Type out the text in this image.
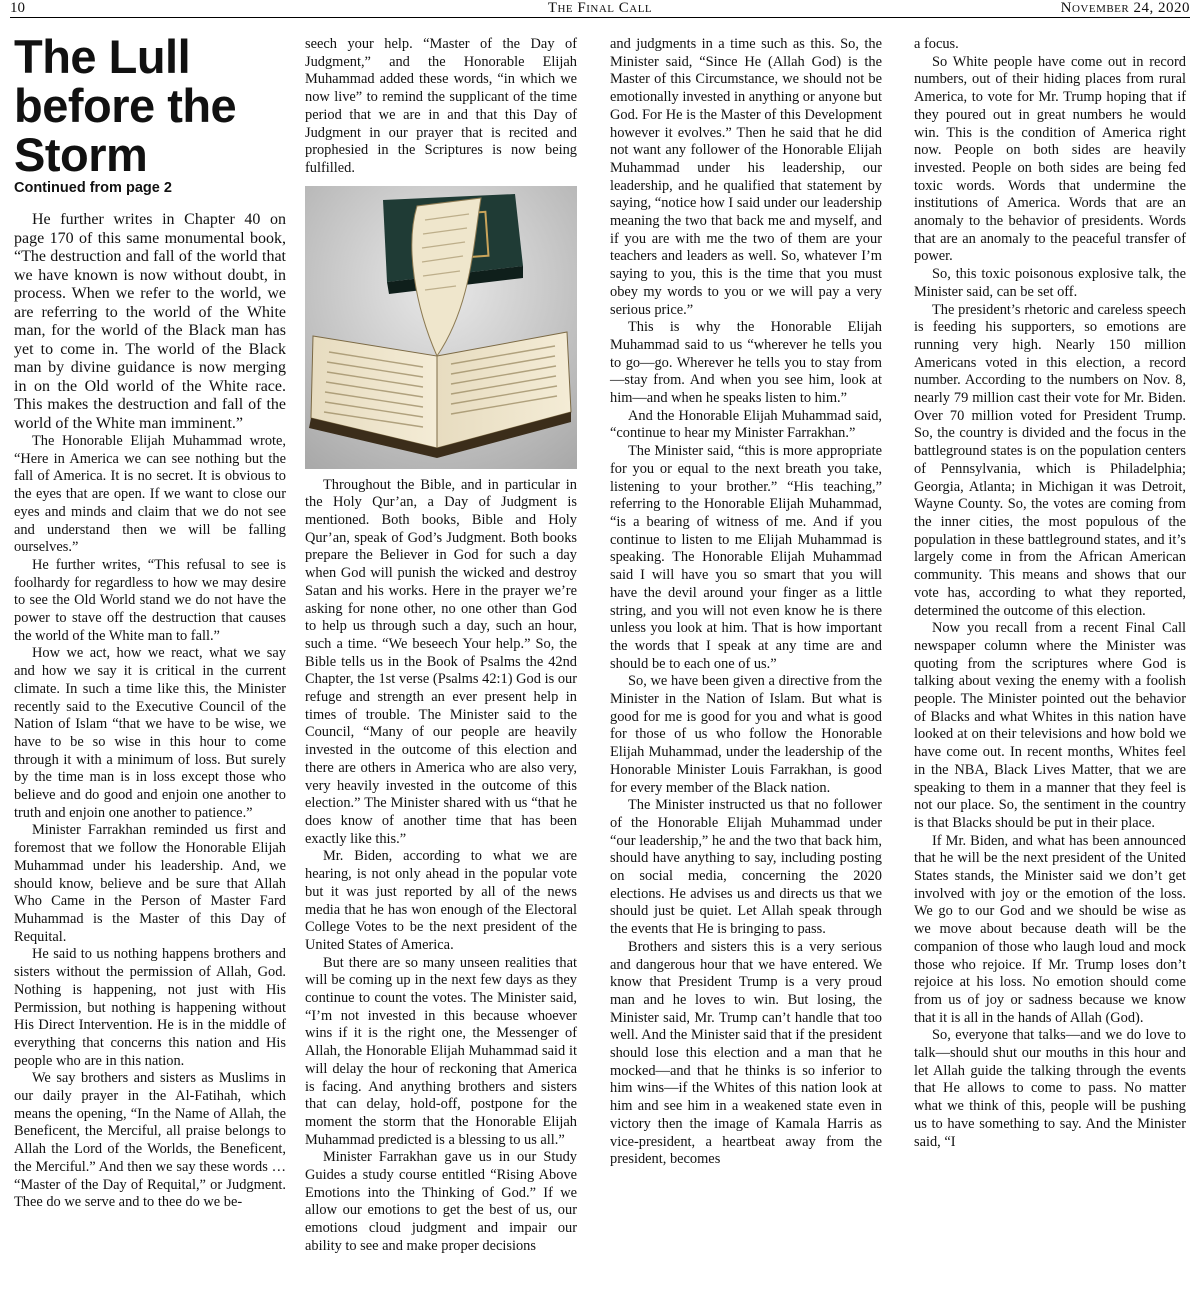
10	The Final Call	November 24, 2020
The Lull before the Storm
Continued from page 2

He further writes in Chapter 40 on page 170 of this same monumental book, “The destruction and fall of the world that we have known is now without doubt, in process. When we refer to the world, we are referring to the world of the White man, for the world of the Black man has yet to come in. The world of the Black man by divine guidance is now merging in on the Old world of the White race. This makes the destruction and fall of the world of the White man imminent.”

The Honorable Elijah Muhammad wrote, “Here in America we can see nothing but the fall of America. It is no secret. It is obvious to the eyes that are open. If we want to close our eyes and minds and claim that we do not see and understand then we will be falling ourselves.”

He further writes, “This refusal to see is foolhardy for regardless to how we may desire to see the Old World stand we do not have the power to stave off the destruction that causes the world of the White man to fall.”

How we act, how we react, what we say and how we say it is critical in the current climate. In such a time like this, the Minister recently said to the Executive Council of the Nation of Islam “that we have to be wise, we have to be so wise in this hour to come through it with a minimum of loss. But surely by the time man is in loss except those who believe and do good and enjoin one another to truth and enjoin one another to patience.”

Minister Farrakhan reminded us first and foremost that we follow the Honorable Elijah Muhammad under his leadership. And, we should know, believe and be sure that Allah Who Came in the Person of Master Fard Muhammad is the Master of this Day of Requital.

He said to us nothing happens brothers and sisters without the permission of Allah, God. Nothing is happening, not just with His Permission, but nothing is happening without His Direct Intervention. He is in the middle of everything that concerns this nation and His people who are in this nation.

We say brothers and sisters as Muslims in our daily prayer in the Al-Fatihah, which means the opening, “In the Name of Allah, the Beneficent, the Merciful, all praise belongs to Allah the Lord of the Worlds, the Beneficent, the Merciful.” And then we say these words … “Master of the Day of Requital,” or Judgment. Thee do we serve and to thee do we be-

seech your help. “Master of the Day of Judgment,” and the Honorable Elijah Muhammad added these words, “in which we now live” to remind the supplicant of the time period that we are in and that this Day of Judgment in our prayer that is recited and prophesied in the Scriptures is now being fulfilled.

Throughout the Bible, and in particular in the Holy Qur’an, a Day of Judgment is mentioned. Both books, Bible and Holy Qur’an, speak of God’s Judgment. Both books prepare the Believer in God for such a day when God will punish the wicked and destroy Satan and his works. Here in the prayer we’re asking for none other, no one other than God to help us through such a day, such an hour, such a time. “We beseech Your help.” So, the Bible tells us in the Book of Psalms the 42nd Chapter, the 1st verse (Psalms 42:1) God is our refuge and strength an ever present help in times of trouble. The Minister said to the Council, “Many of our people are heavily invested in the outcome of this election and there are others in America who are also very, very heavily invested in the outcome of this election.” The Minister shared with us “that he does know of another time that has been exactly like this.”

Mr. Biden, according to what we are hearing, is not only ahead in the popular vote but it was just reported by all of the news media that he has won enough of the Electoral College Votes to be the next president of the United States of America.

But there are so many unseen realities that will be coming up in the next few days as they continue to count the votes. The Minister said, “I’m not invested in this because whoever wins if it is the right one, the Messenger of Allah, the Honorable Elijah Muhammad said it will delay the hour of reckoning that America is facing. And anything brothers and sisters that can delay, hold-off, postpone for the moment the storm that the Honorable Elijah Muhammad predicted is a blessing to us all.”

Minister Farrakhan gave us in our Study Guides a study course entitled “Rising Above Emotions into the Thinking of God.” If we allow our emotions to get the best of us, our emotions cloud judgment and impair our ability to see and make proper decisions

and judgments in a time such as this. So, the Minister said, “Since He (Allah God) is the Master of this Circumstance, we should not be emotionally invested in anything or anyone but God. For He is the Master of this Development however it evolves.” Then he said that he did not want any follower of the Honorable Elijah Muhammad under his leadership, our leadership, and he qualified that statement by saying, “notice how I said under our leadership meaning the two that back me and myself, and if you are with me the two of them are your teachers and leaders as well. So, whatever I’m saying to you, this is the time that you must obey my words to you or we will pay a very serious price.”

This is why the Honorable Elijah Muhammad said to us “wherever he tells you to go—go. Wherever he tells you to stay from—stay from. And when you see him, look at him—and when he speaks listen to him.”

And the Honorable Elijah Muhammad said, “continue to hear my Minister Farrakhan.”

The Minister said, “this is more appropriate for you or equal to the next breath you take, listening to your brother.” “His teaching,” referring to the Honorable Elijah Muhammad, “is a bearing of witness of me. And if you continue to listen to me Elijah Muhammad is speaking. The Honorable Elijah Muhammad said I will have you so smart that you will have the devil around your finger as a little string, and you will not even know he is there unless you look at him. That is how important the words that I speak at any time are and should be to each one of us.”

So, we have been given a directive from the Minister in the Nation of Islam. But what is good for me is good for you and what is good for those of us who follow the Honorable Elijah Muhammad, under the leadership of the Honorable Minister Louis Farrakhan, is good for every member of the Black nation.

The Minister instructed us that no follower of the Honorable Elijah Muhammad under “our leadership,” he and the two that back him, should have anything to say, including posting on social media, concerning the 2020 elections. He advises us and directs us that we should just be quiet. Let Allah speak through the events that He is bringing to pass.

Brothers and sisters this is a very serious and dangerous hour that we have entered. We know that President Trump is a very proud man and he loves to win. But losing, the Minister said, Mr. Trump can’t handle that too well. And the Minister said that if the president should lose this election and a man that he mocked—and that he thinks is so inferior to him wins—if the Whites of this nation look at him and see him in a weakened state even in victory then the image of Kamala Harris as vice-president, a heartbeat away from the president, becomes

a focus.

So White people have come out in record numbers, out of their hiding places from rural America, to vote for Mr. Trump hoping that if they poured out in great numbers he would win. This is the condition of America right now. People on both sides are heavily invested. People on both sides are being fed toxic words. Words that undermine the institutions of America. Words that are an anomaly to the behavior of presidents. Words that are an anomaly to the peaceful transfer of power.

So, this toxic poisonous explosive talk, the Minister said, can be set off.

The president’s rhetoric and careless speech is feeding his supporters, so emotions are running very high. Nearly 150 million Americans voted in this election, a record number. According to the numbers on Nov. 8, nearly 79 million cast their vote for Mr. Biden. Over 70 million voted for President Trump. So, the country is divided and the focus in the battleground states is on the population centers of Pennsylvania, which is Philadelphia; Georgia, Atlanta; in Michigan it was Detroit, Wayne County. So, the votes are coming from the inner cities, the most populous of the population in these battleground states, and it’s largely come in from the African American community. This means and shows that our vote has, according to what they reported, determined the outcome of this election.

Now you recall from a recent Final Call newspaper column where the Minister was quoting from the scriptures where God is talking about vexing the enemy with a foolish people. The Minister pointed out the behavior of Blacks and what Whites in this nation have looked at on their televisions and how bold we have come out. In recent months, Whites feel in the NBA, Black Lives Matter, that we are speaking to them in a manner that they feel is not our place. So, the sentiment in the country is that Blacks should be put in their place.

If Mr. Biden, and what has been announced that he will be the next president of the United States stands, the Minister said we don’t get involved with joy or the emotion of the loss. We go to our God and we should be wise as we move about because death will be the companion of those who laugh loud and mock those who rejoice. If Mr. Trump loses don’t rejoice at his loss. No emotion should come from us of joy or sadness because we know that it is all in the hands of Allah (God).

So, everyone that talks—and we do love to talk—should shut our mouths in this hour and let Allah guide the talking through the events that He allows to come to pass. No matter what we think of this, people will be pushing us to have something to say. And the Minister said, “I
